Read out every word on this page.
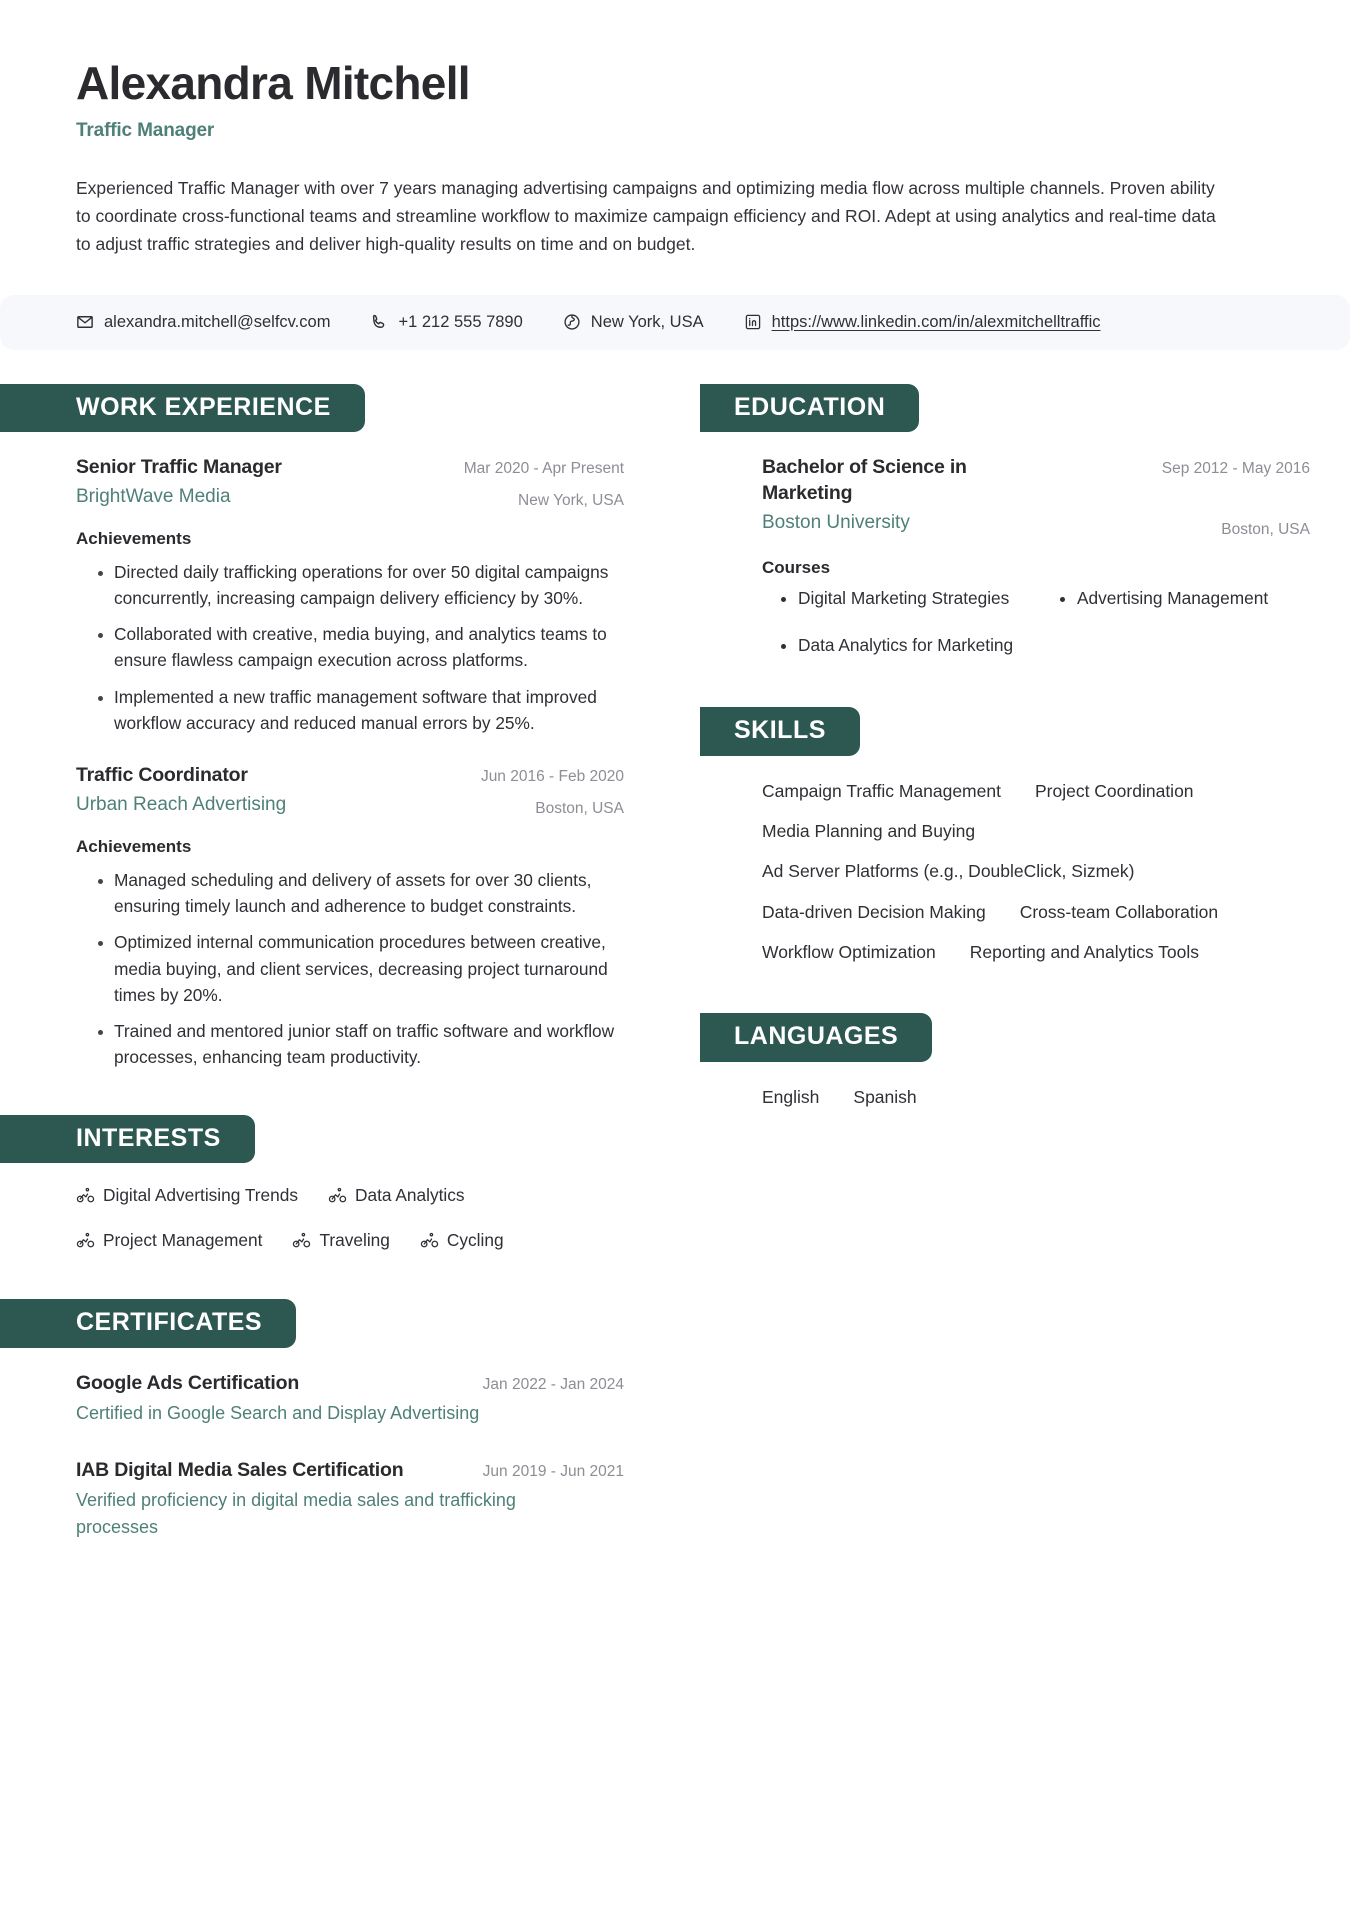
Alexandra Mitchell
Traffic Manager
Experienced Traffic Manager with over 7 years managing advertising campaigns and optimizing media flow across multiple channels. Proven ability to coordinate cross-functional teams and streamline workflow to maximize campaign efficiency and ROI. Adept at using analytics and real-time data to adjust traffic strategies and deliver high-quality results on time and on budget.
alexandra.mitchell@selfcv.com	+1 212 555 7890	New York, USA	https://www.linkedin.com/in/alexmitchelltraffic
WORK EXPERIENCE
Senior Traffic Manager
BrightWave Media
Mar 2020 - Apr Present
New York, USA
Achievements
• Directed daily trafficking operations for over 50 digital campaigns concurrently, increasing campaign delivery efficiency by 30%.
• Collaborated with creative, media buying, and analytics teams to ensure flawless campaign execution across platforms.
• Implemented a new traffic management software that improved workflow accuracy and reduced manual errors by 25%.
Traffic Coordinator
Urban Reach Advertising
Jun 2016 - Feb 2020
Boston, USA
Achievements
• Managed scheduling and delivery of assets for over 30 clients, ensuring timely launch and adherence to budget constraints.
• Optimized internal communication procedures between creative, media buying, and client services, decreasing project turnaround times by 20%.
• Trained and mentored junior staff on traffic software and workflow processes, enhancing team productivity.
INTERESTS
Digital Advertising Trends	Data Analytics
Project Management	Traveling	Cycling
CERTIFICATES
Google Ads Certification	Jan 2022 - Jan 2024
Certified in Google Search and Display Advertising
IAB Digital Media Sales Certification	Jun 2019 - Jun 2021
Verified proficiency in digital media sales and trafficking processes
EDUCATION
Bachelor of Science in Marketing
Boston University
Sep 2012 - May 2016
Boston, USA
Courses
• Digital Marketing Strategies
• Data Analytics for Marketing
• Advertising Management
SKILLS
Campaign Traffic Management Project Coordination
Media Planning and Buying
Ad Server Platforms (e.g., DoubleClick, Sizmek)
Data-driven Decision Making Cross-team Collaboration
Workflow Optimization Reporting and Analytics Tools
LANGUAGES
English Spanish
